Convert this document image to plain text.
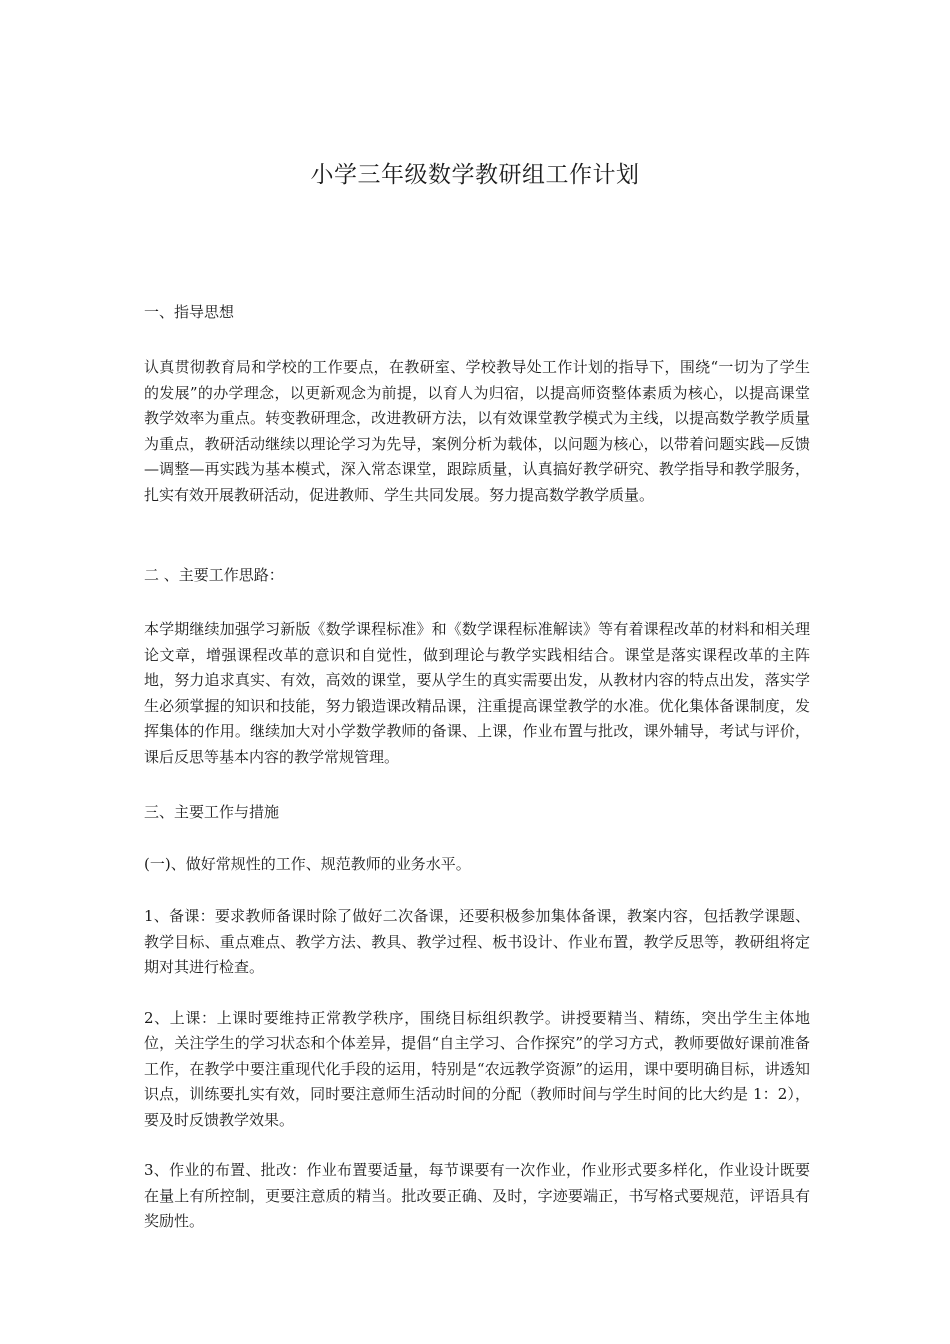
小学三年级数学教研组工作计划

一、指导思想

认真贯彻教育局和学校的工作要点，在教研室、学校教导处工作计划的指导下，围绕“一切为了学生的发展”的办学理念，以更新观念为前提，以育人为归宿，以提高师资整体素质为核心，以提高课堂教学效率为重点。转变教研理念，改进教研方法，以有效课堂教学模式为主线，以提高数学教学质量为重点，教研活动继续以理论学习为先导，案例分析为载体，以问题为核心，以带着问题实践—反馈—调整—再实践为基本模式，深入常态课堂，跟踪质量，认真搞好教学研究、教学指导和教学服务，扎实有效开展教研活动，促进教师、学生共同发展。努力提高数学教学质量。

二 、主要工作思路：

本学期继续加强学习新版《数学课程标准》和《数学课程标准解读》等有着课程改革的材料和相关理论文章，增强课程改革的意识和自觉性，做到理论与教学实践相结合。课堂是落实课程改革的主阵地，努力追求真实、有效，高效的课堂，要从学生的真实需要出发，从教材内容的特点出发，落实学生必须掌握的知识和技能，努力锻造课改精品课，注重提高课堂教学的水准。优化集体备课制度，发挥集体的作用。继续加大对小学数学教师的备课、上课，作业布置与批改，课外辅导，考试与评价，课后反思等基本内容的教学常规管理。

三、主要工作与措施

(一)、做好常规性的工作、规范教师的业务水平。

1、备课：要求教师备课时除了做好二次备课，还要积极参加集体备课，教案内容，包括教学课题、教学目标、重点难点、教学方法、教具、教学过程、板书设计、作业布置，教学反思等，教研组将定期对其进行检查。

2、上课：上课时要维持正常教学秩序，围绕目标组织教学。讲授要精当、精练，突出学生主体地位，关注学生的学习状态和个体差异，提倡“自主学习、合作探究”的学习方式，教师要做好课前准备工作，在教学中要注重现代化手段的运用，特别是“农远教学资源”的运用，课中要明确目标，讲透知识点，训练要扎实有效，同时要注意师生活动时间的分配（教师时间与学生时间的比大约是 1：2），要及时反馈教学效果。

3、作业的布置、批改：作业布置要适量，每节课要有一次作业，作业形式要多样化，作业设计既要在量上有所控制，更要注意质的精当。批改要正确、及时，字迹要端正，书写格式要规范，评语具有奖励性。
